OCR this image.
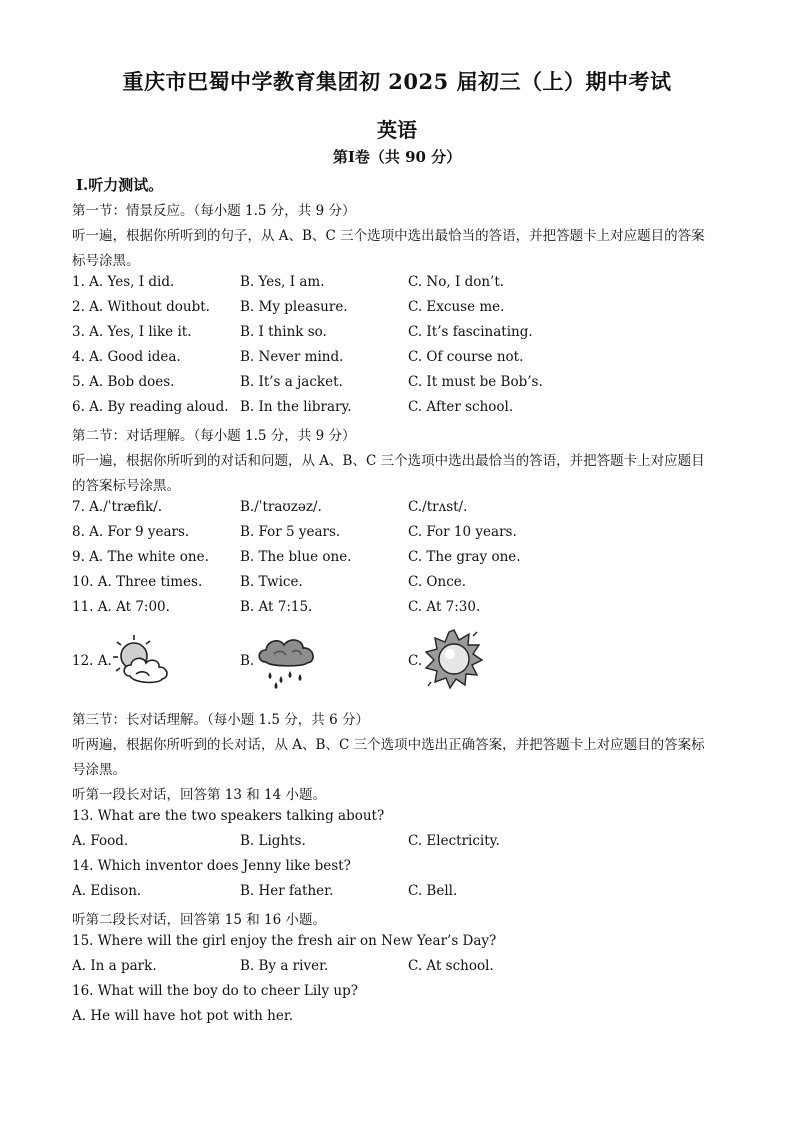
重庆市巴蜀中学教育集团初 2025 届初三（上）期中考试
英语
第Ⅰ卷（共 90 分）
Ⅰ.听力测试。
第一节：情景反应。（每小题 1.5 分，共 9 分）
听一遍，根据你所听到的句子，从 A、B、C 三个选项中选出最恰当的答语，并把答题卡上对应题目的答案
标号涂黑。
1. A. Yes, I did.	B. Yes, I am.	C. No, I don’t.
2. A. Without doubt. B. My pleasure.	C. Excuse me.
3. A. Yes, I like it.	B. I think so.	C. It’s fascinating.
4. A. Good idea.	B. Never mind.	C. Of course not.
5. A. Bob does.	B. It’s a jacket.	C. It must be Bob’s.
6. A. By reading aloud. B. In the library.	C. After school.
第二节：对话理解。（每小题 1.5 分，共 9 分）
听一遍，根据你所听到的对话和问题，从 A、B、C 三个选项中选出最恰当的答语，并把答题卡上对应题目
的答案标号涂黑。
7. A./ˈtræfik/.	B./ˈtraʊzəz/.	C./trʌst/.
8. A. For 9 years.	B. For 5 years.	C. For 10 years.
9. A. The white one. B. The blue one.	C. The gray one.
10. A. Three times.	B. Twice.	C. Once.
11. A. At 7:00.	B. At 7:15.	C. At 7:30.
12. A.	B.	C.
第三节：长对话理解。（每小题 1.5 分，共 6 分）
听两遍，根据你所听到的长对话，从 A、B、C 三个选项中选出正确答案，并把答题卡上对应题目的答案标
号涂黑。
听第一段长对话，回答第 13 和 14 小题。
13. What are the two speakers talking about?
A. Food.	B. Lights.	C. Electricity.
14. Which inventor does Jenny like best?
A. Edison.	B. Her father.	C. Bell.
听第二段长对话，回答第 15 和 16 小题。
15. Where will the girl enjoy the fresh air on New Year’s Day?
A. In a park.	B. By a river.	C. At school.
16. What will the boy do to cheer Lily up?
A. He will have hot pot with her.
